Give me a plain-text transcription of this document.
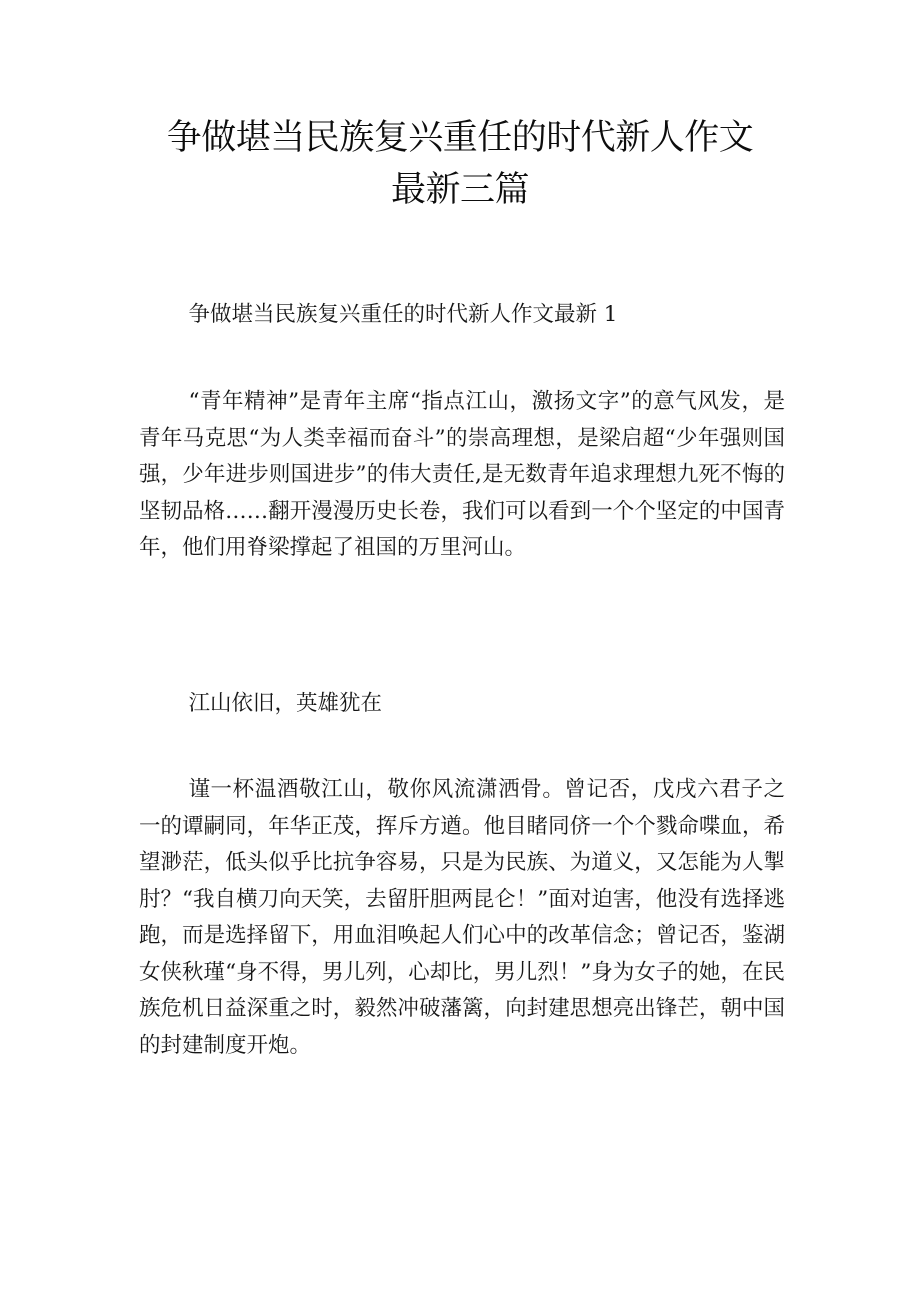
争做堪当民族复兴重任的时代新人作文最新三篇

争做堪当民族复兴重任的时代新人作文最新 1

“青年精神”是青年主席“指点江山，激扬文字”的意气风发，是青年马克思“为人类幸福而奋斗”的崇高理想，是梁启超“少年强则国强，少年进步则国进步”的伟大责任,是无数青年追求理想九死不悔的坚韧品格……翻开漫漫历史长卷，我们可以看到一个个坚定的中国青年，他们用脊梁撑起了祖国的万里河山。

江山依旧，英雄犹在

谨一杯温酒敬江山，敬你风流潇洒骨。曾记否，戊戌六君子之一的谭嗣同，年华正茂，挥斥方遒。他目睹同侪一个个戮命喋血，希望渺茫，低头似乎比抗争容易，只是为民族、为道义，又怎能为人掣肘？“我自横刀向天笑，去留肝胆两昆仑！”面对迫害，他没有选择逃跑，而是选择留下，用血泪唤起人们心中的改革信念；曾记否，鉴湖女侠秋瑾“身不得，男儿列，心却比，男儿烈！”身为女子的她，在民族危机日益深重之时，毅然冲破藩篱，向封建思想亮出锋芒，朝中国的封建制度开炮。
